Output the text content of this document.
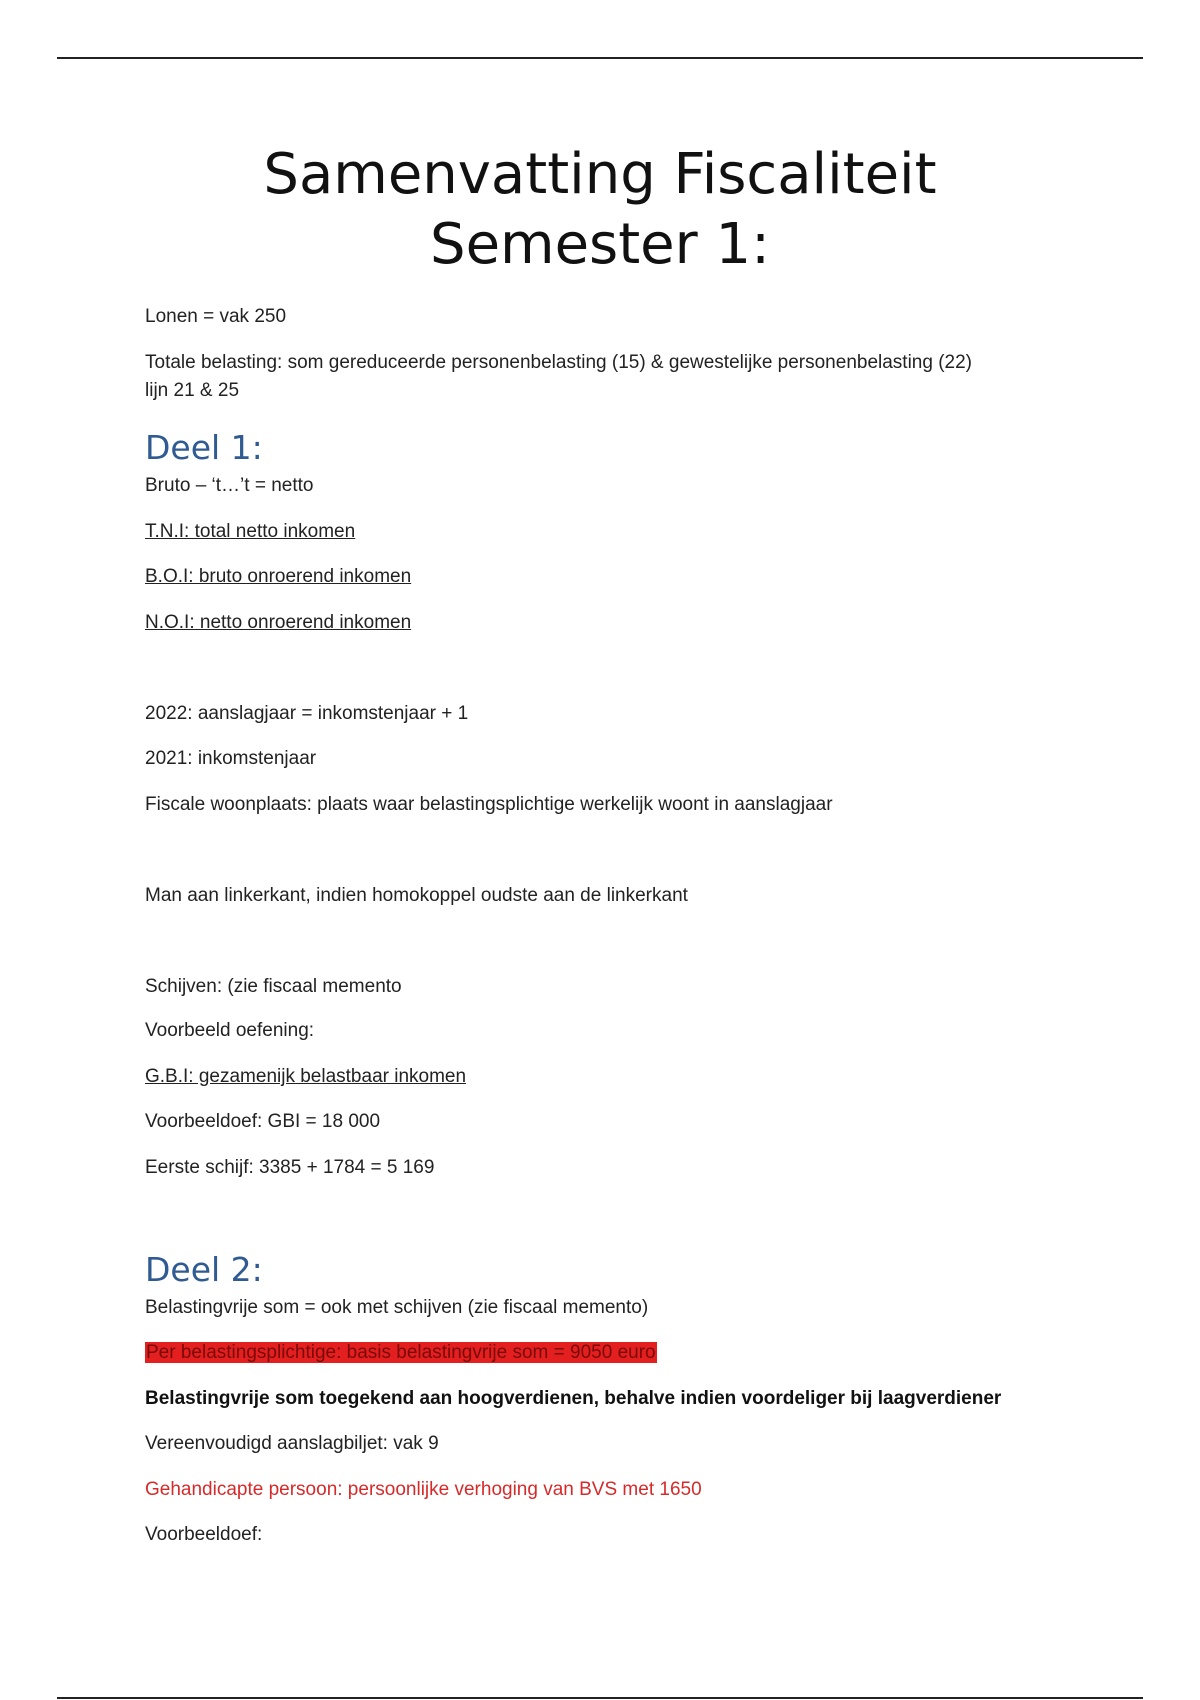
Samenvatting Fiscaliteit
Semester 1:
Lonen = vak 250
Totale belasting: som gereduceerde personenbelasting (15) & gewestelijke personenbelasting (22)
lijn 21 & 25
Deel 1:
Bruto – ‘t…’t = netto
T.N.I: total netto inkomen
B.O.I: bruto onroerend inkomen
N.O.I: netto onroerend inkomen
2022: aanslagjaar = inkomstenjaar + 1
2021: inkomstenjaar
Fiscale woonplaats: plaats waar belastingsplichtige werkelijk woont in aanslagjaar
Man aan linkerkant, indien homokoppel oudste aan de linkerkant
Schijven: (zie fiscaal memento
Voorbeeld oefening:
G.B.I: gezamenijk belastbaar inkomen
Voorbeeldoef: GBI = 18 000
Eerste schijf: 3385 + 1784 = 5 169
Deel 2:
Belastingvrije som = ook met schijven (zie fiscaal memento)
Per belastingsplichtige: basis belastingvrije som = 9050 euro
Belastingvrije som toegekend aan hoogverdienen, behalve indien voordeliger bij laagverdiener
Vereenvoudigd aanslagbiljet: vak 9
Gehandicapte persoon: persoonlijke verhoging van BVS met 1650
Voorbeeldoef:
